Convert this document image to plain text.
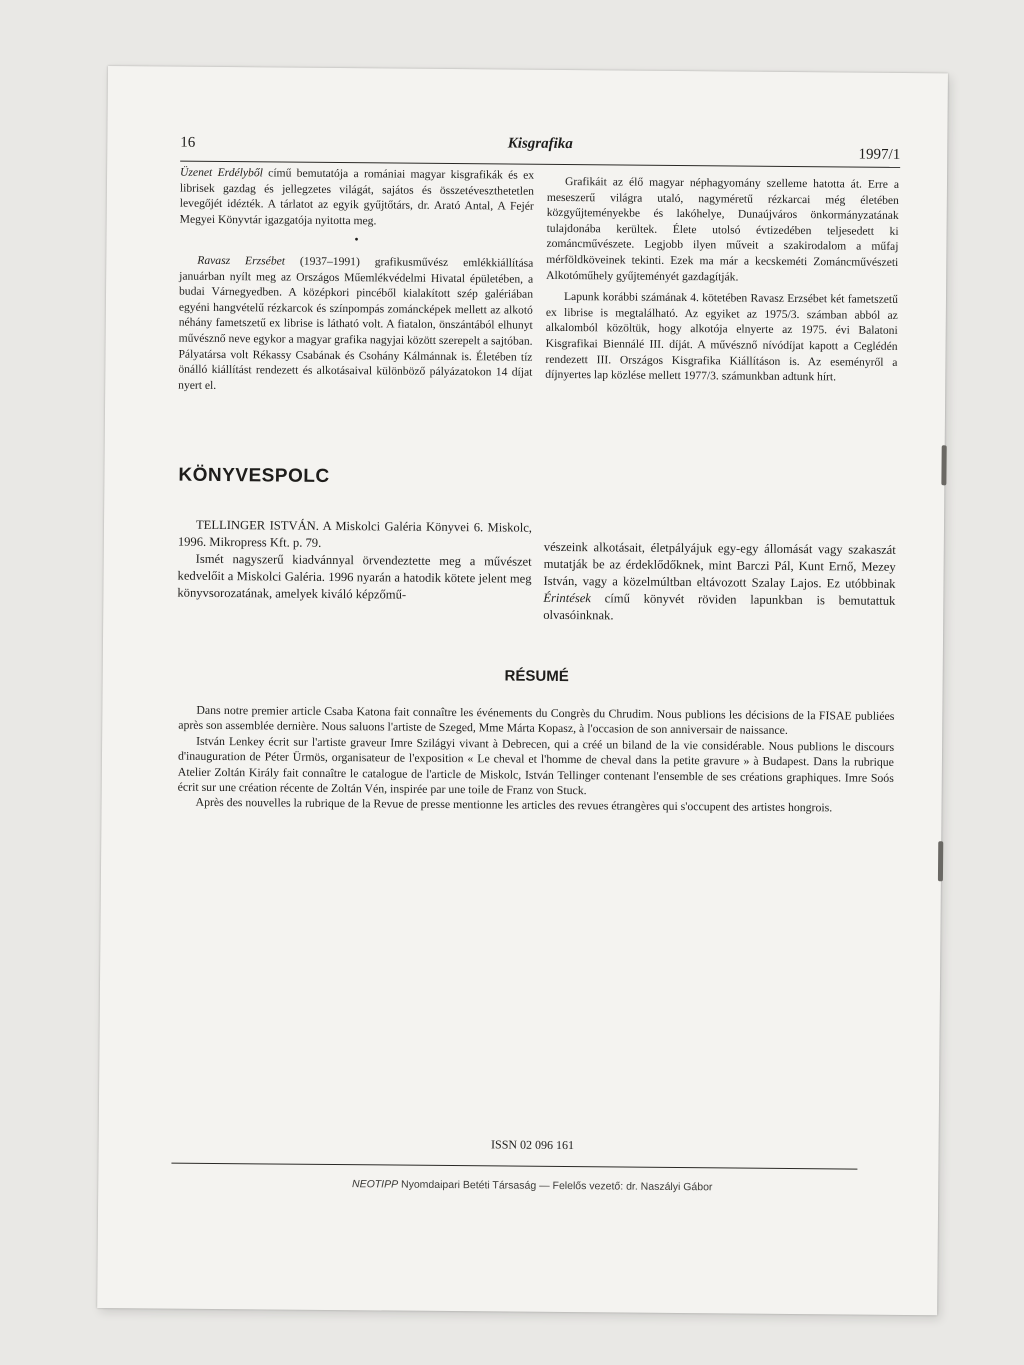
16	Kisgrafika
1997/1

Üzenet Erdélyből című bemutatója a romániai magyar kisgrafikák és ex librisek gazdag és jellegzetes világát, sajátos és összetéveszthetetlen levegőjét idézték. A tárlatot az egyik gyűjtőtárs, dr. Arató Antal, A Fejér Megyei Könyvtár igazgatója nyitotta meg.

•

Ravasz Erzsébet (1937–1991) grafikusművész emlékkiállítása januárban nyílt meg az Országos Műemlékvédelmi Hivatal épületében, a budai Várnegyedben. A középkori pincéből kialakított szép galériában egyéni hangvételű rézkarcok és színpompás zománcképek mellett az alkotó néhány fametszetű ex librise is látható volt. A fiatalon, önszántából elhunyt művésznő neve egykor a magyar grafika nagyjai között szerepelt a sajtóban. Pályatársa volt Rékassy Csabának és Csohány Kálmánnak is. Életében tíz önálló kiállítást rendezett és alkotásaival különböző pályázatokon 14 díjat nyert el.

Grafikáit az élő magyar néphagyomány szelleme hatotta át. Erre a meseszerű világra utaló, nagyméretű rézkarcai még életében közgyűjteményekbe és lakóhelye, Dunaújváros önkormányzatának tulajdonába kerültek. Élete utolsó évtizedében teljesedett ki zománcművészete. Legjobb ilyen műveit a szakirodalom a műfaj mérföldköveinek tekinti. Ezek ma már a kecskeméti Zománcművészeti Alkotóműhely gyűjteményét gazdagítják.

Lapunk korábbi számának 4. kötetében Ravasz Erzsébet két fametszetű ex librise is megtalálható. Az egyiket az 1975/3. számban abból az alkalomból közöltük, hogy alkotója elnyerte az 1975. évi Balatoni Kisgrafikai Biennálé III. díját. A művésznő nívódíjat kapott a Ceglédén rendezett III. Országos Kisgrafika Kiállításon is. Az eseményről a díjnyertes lap közlése mellett 1977/3. számunkban adtunk hírt.

KÖNYVESPOLC

TELLINGER ISTVÁN. A Miskolci Galéria Könyvei 6. Miskolc, 1996. Mikropress Kft. p. 79.

Ismét nagyszerű kiadvánnyal örvendeztette meg a művészet kedvelőit a Miskolci Galéria. 1996 nyarán a hatodik kötete jelent meg könyvsorozatának, amelyek kiváló képzőmű-

vészeink alkotásait, életpályájuk egy-egy állomását vagy szakaszát mutatják be az érdeklődőknek, mint Barczi Pál, Kunt Ernő, Mezey István, vagy a közelmúltban eltávozott Szalay Lajos. Ez utóbbinak Érintések című könyvét röviden lapunkban is bemutattuk olvasóinknak.

RÉSUMÉ

Dans notre premier article Csaba Katona fait connaître les événements du Congrès du Chrudim. Nous publions les décisions de la FISAE publiées après son assemblée dernière. Nous saluons l'artiste de Szeged, Mme Márta Kopasz, à l'occasion de son anniversair de naissance.

István Lenkey écrit sur l'artiste graveur Imre Szilágyi vivant à Debrecen, qui a créé un biland de la vie considérable. Nous publions le discours d'inauguration de Péter Ürmös, organisateur de l'exposition « Le cheval et l'homme de cheval dans la petite gravure » à Budapest. Dans la rubrique Atelier Zoltán Király fait connaître le catalogue de l'article de Miskolc, István Tellinger contenant l'ensemble de ses créations graphiques. Imre Soós écrit sur une création récente de Zoltán Vén, inspirée par une toile de Franz von Stuck.

Après des nouvelles la rubrique de la Revue de presse mentionne les articles des revues étrangères qui s'occupent des artistes hongrois.

ISSN 02 096 161
NEOTIPP Nyomdaipari Betéti Társaság — Felelős vezető: dr. Naszályi Gábor
